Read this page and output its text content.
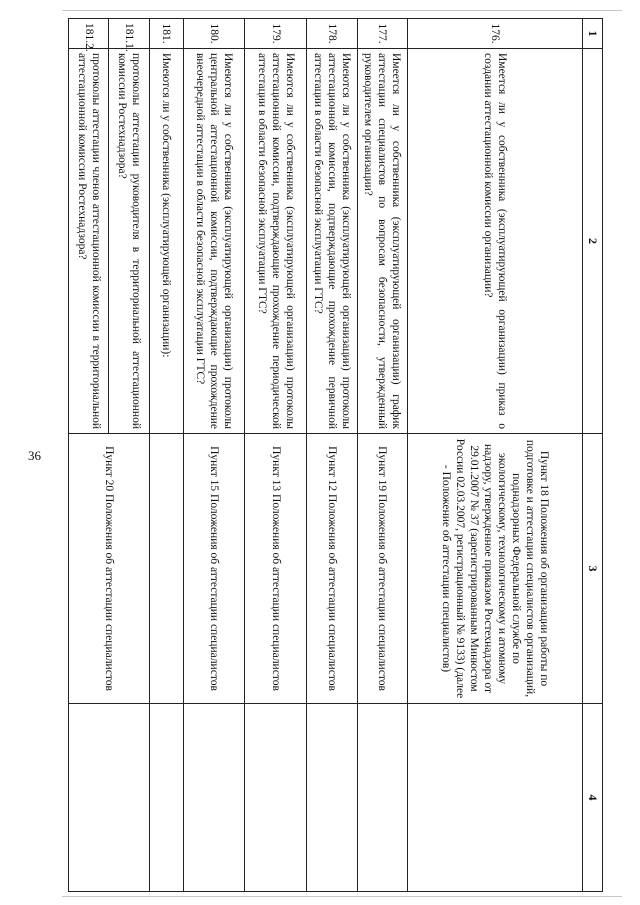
36
1	2	3	4
176.	Имеется ли у собственника (эксплуатирующей организации) приказ о создании аттестационной комиссии организации?	Пункт 18 Положения об организации работы по подготовке и аттестации специалистов организаций, поднадзорных Федеральной службе по экологическому, технологическому и атомному надзору, утвержденное приказом Ростехнадзора от 29.01.2007 № 37 (зарегистрированным Минюстом России 02.03.2007, регистрационный № 9133) (далее - Положение об аттестации специалистов)	
177.	Имеется ли у собственника (эксплуатирующей организации) график аттестации специалистов по вопросам безопасности, утвержденный руководителем организации?	Пункт 19 Положения об аттестации специалистов	
178.	Имеются ли у собственника (эксплуатирующей организации) протоколы аттестационной комиссии, подтверждающие прохождение первичной аттестации в области безопасной эксплуатации ГТС?	Пункт 12 Положения об аттестации специалистов	
179.	Имеются ли у собственника (эксплуатирующей организации) протоколы аттестационной комиссии, подтверждающие прохождение периодической аттестации в области безопасной эксплуатации ГТС?	Пункт 13 Положения об аттестации специалистов	
180.	Имеются ли у собственника (эксплуатирующей организации) протоколы центральной аттестационной комиссии, подтверждающие прохождение внеочередной аттестации в области безопасной эксплуатации ГТС?	Пункт 15 Положения об аттестации специалистов	
181.	Имеются ли у собственника (эксплуатирующей организации):		
181.1.	протоколы аттестации руководителя в территориальной аттестационной комиссии Ростехнадзора?	Пункт 20 Положения об аттестации специалистов	
181.2.	протоколы аттестации членов аттестационной комиссии в территориальной аттестационной комиссии Ростехнадзора?		
